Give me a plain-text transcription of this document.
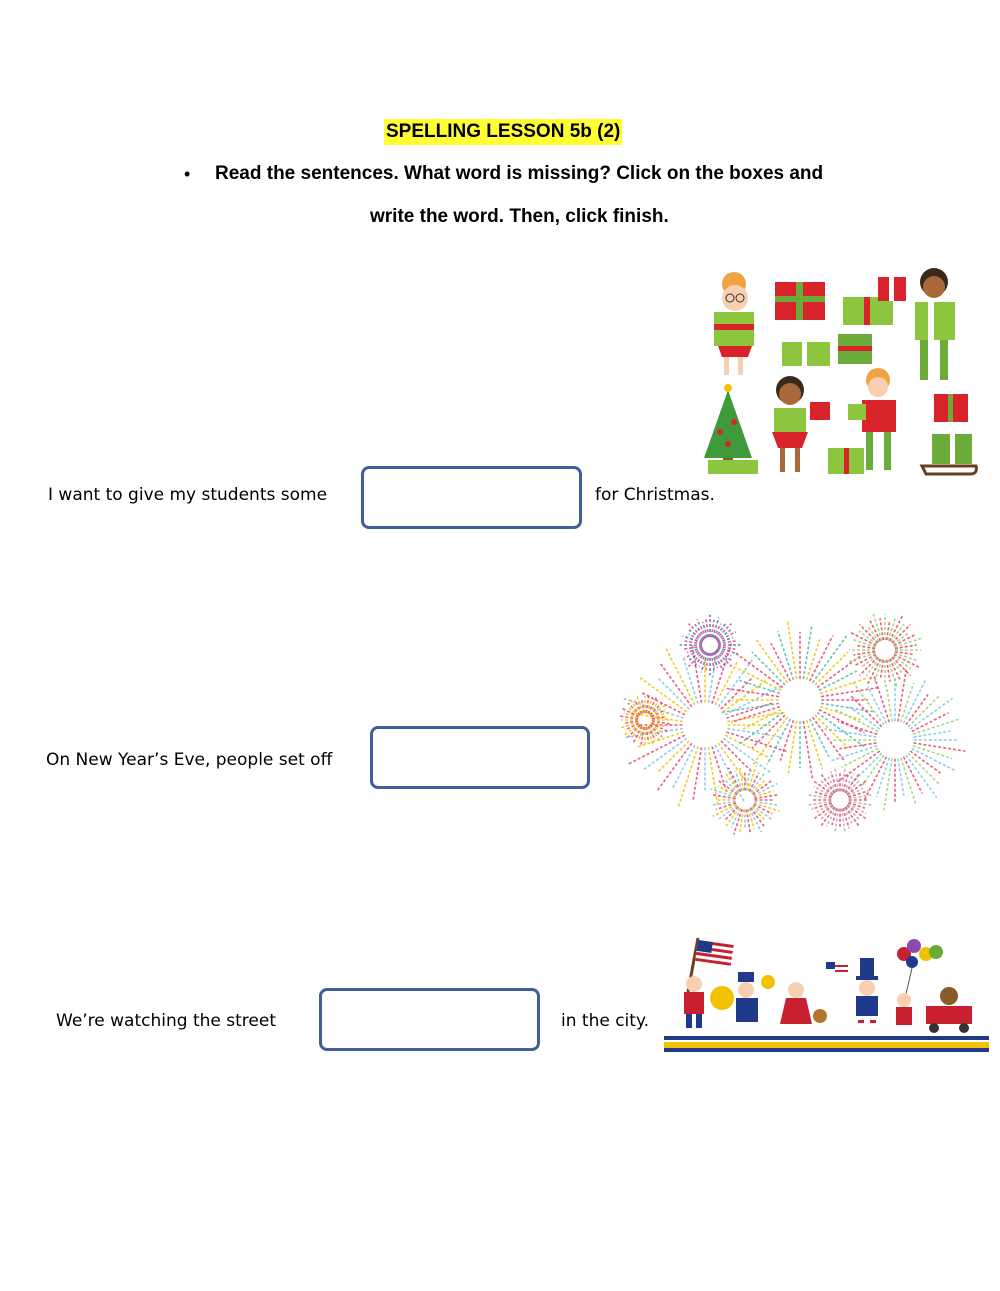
SPELLING LESSON 5b (2)
• Read the sentences. What word is missing? Click on the boxes and
write the word. Then, click finish.
I want to give my students some	for Christmas.
On New Year’s Eve, people set off
We’re watching the street	in the city.
